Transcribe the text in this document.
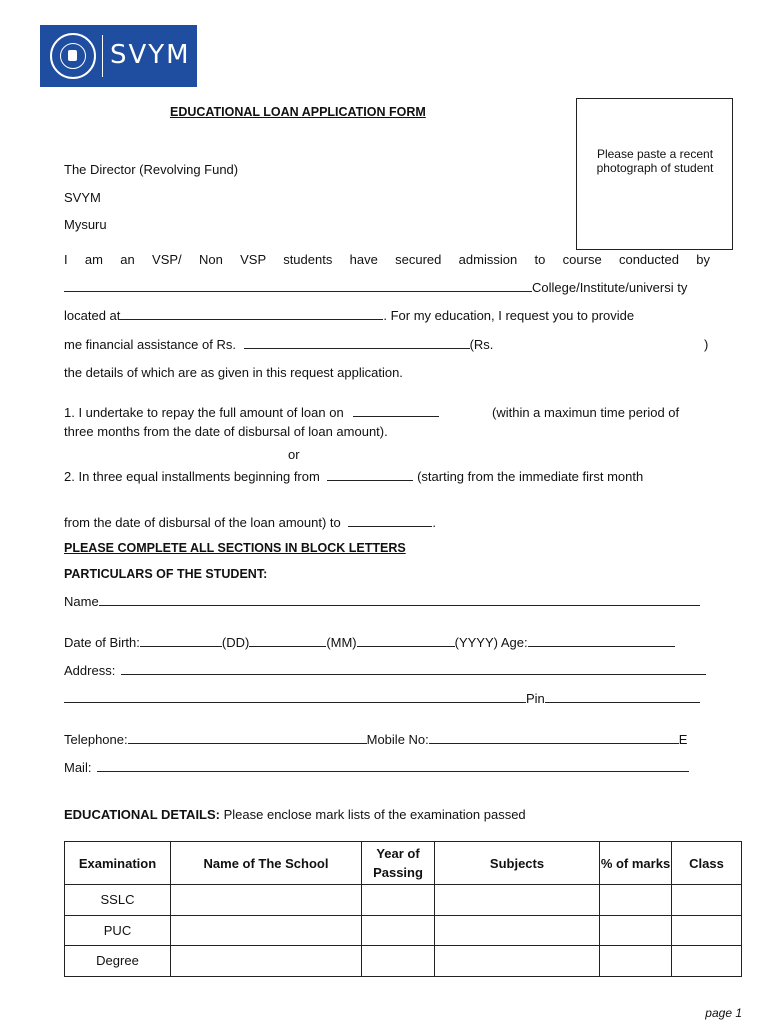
SVYM
EDUCATIONAL LOAN APPLICATION FORM
Please paste a recent photograph of student
The Director (Revolving Fund)
SVYM
Mysuru
I am an VSP/ Non VSP students have secured admission to course conducted by
College/Institute/universi ty
located at	. For my education, I request you to provide
me financial assistance of Rs.	(Rs.	)
the details of which are as given in this request application.
1. I undertake to repay the full amount of loan on	(within a maximun time period of
three months from the date of disbursal of loan amount).
or
2. In three equal installments beginning from	(starting from the immediate first month
from the date of disbursal of the loan amount) to	.
PLEASE COMPLETE ALL SECTIONS IN BLOCK LETTERS
PARTICULARS OF THE STUDENT:
Name
Date of Birth:	(DD)	(MM)	(YYYY) Age:
Address:
Pin
Telephone:	Mobile No:	E
Mail:
EDUCATIONAL DETAILS: Please enclose mark lists of the examination passed
Examination	Name of The School	Year of Passing	Subjects	% of marks	Class
SSLC					
PUC					
Degree					
page 1
